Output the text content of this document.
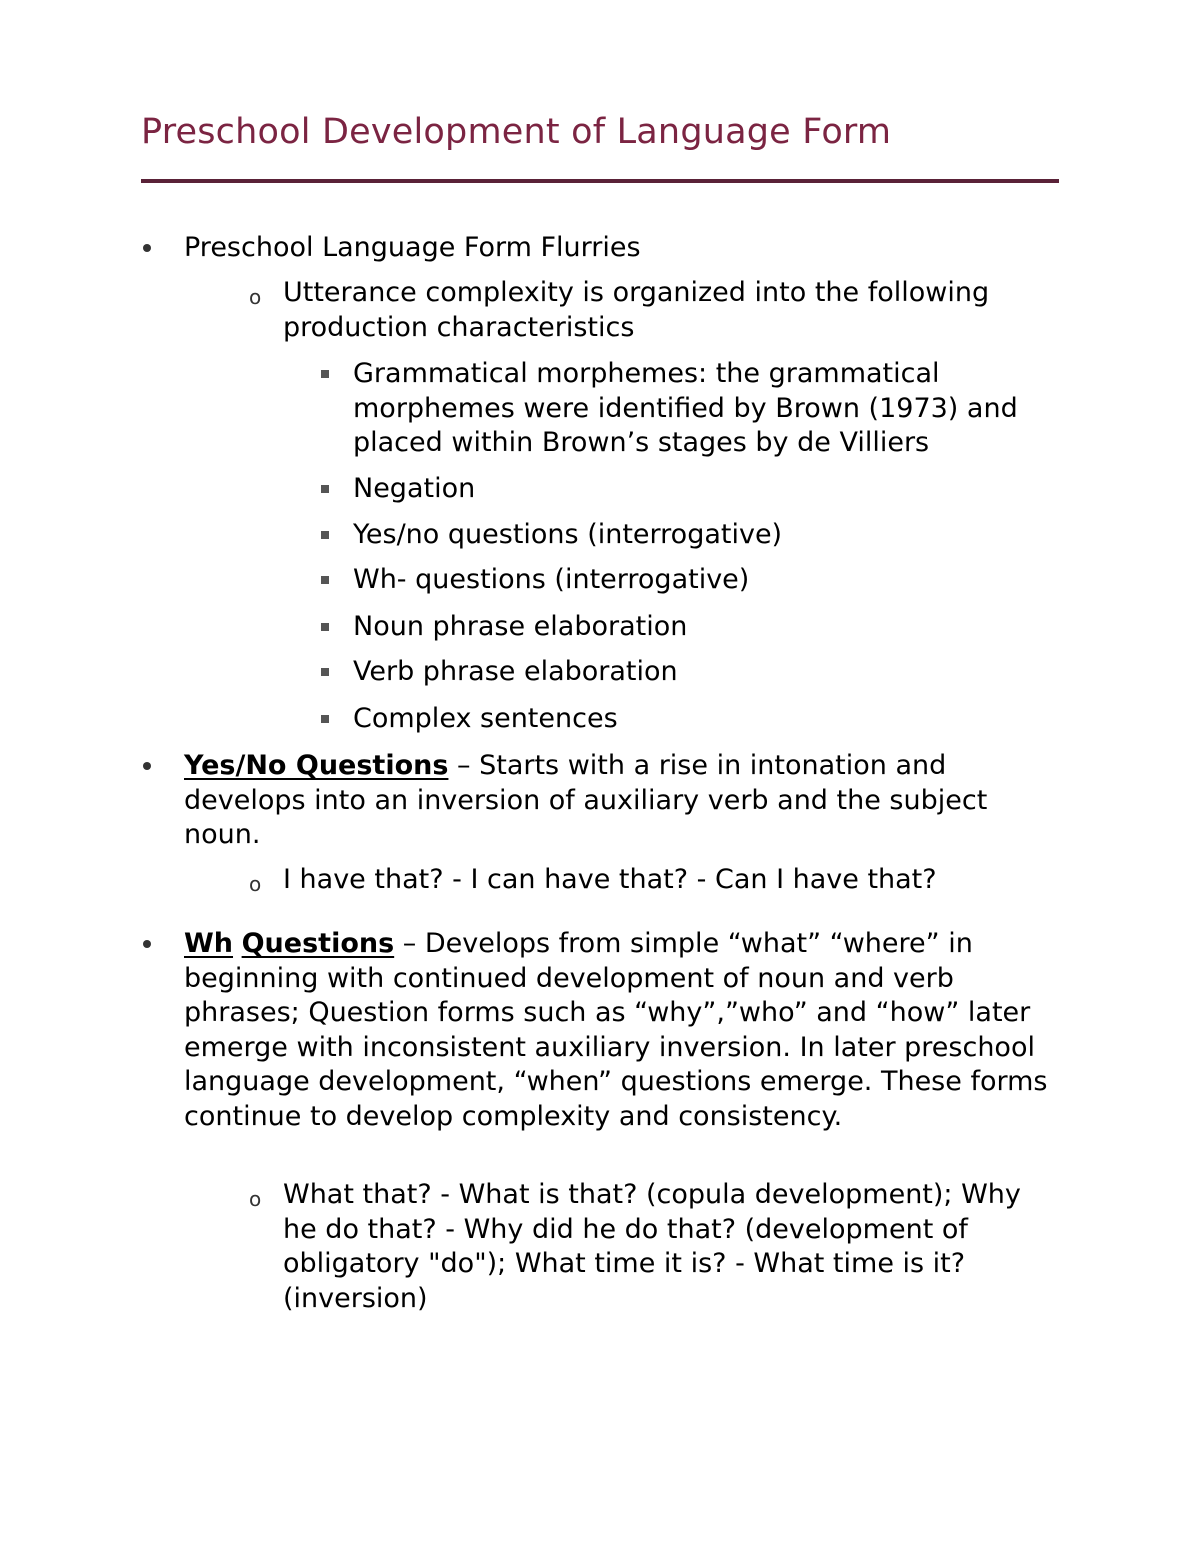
Preschool Development of Language Form
Preschool Language Form Flurries
o Utterance complexity is organized into the following production characteristics
Grammatical morphemes: the grammatical morphemes were identified by Brown (1973) and placed within Brown’s stages by de Villiers
Negation
Yes/no questions (interrogative)
Wh- questions (interrogative)
Noun phrase elaboration
Verb phrase elaboration
Complex sentences
Yes/No Questions – Starts with a rise in intonation and develops into an inversion of auxiliary verb and the subject noun.
o I have that? - I can have that? - Can I have that?
Wh Questions – Develops from simple “what” “where” in beginning with continued development of noun and verb phrases; Question forms such as “why”,”who” and “how” later emerge with inconsistent auxiliary inversion. In later preschool language development, “when” questions emerge. These forms continue to develop complexity and consistency.
o What that? - What is that? (copula development); Why he do that? - Why did he do that? (development of obligatory "do"); What time it is? - What time is it? (inversion)
